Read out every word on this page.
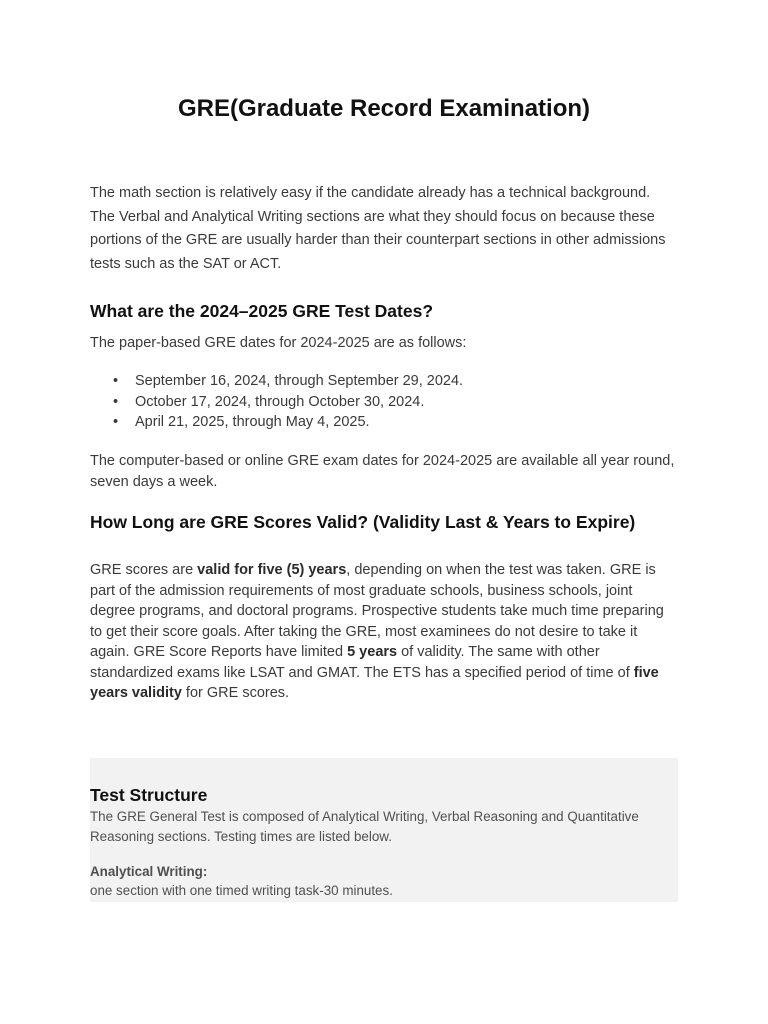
GRE(Graduate Record Examination)

The math section is relatively easy if the candidate already has a technical background. The Verbal and Analytical Writing sections are what they should focus on because these portions of the GRE are usually harder than their counterpart sections in other admissions tests such as the SAT or ACT.

What are the 2024–2025 GRE Test Dates?

The paper-based GRE dates for 2024-2025 are as follows:

• September 16, 2024, through September 29, 2024.
• October 17, 2024, through October 30, 2024.
• April 21, 2025, through May 4, 2025.

The computer-based or online GRE exam dates for 2024-2025 are available all year round, seven days a week.

How Long are GRE Scores Valid? (Validity Last & Years to Expire)

GRE scores are valid for five (5) years, depending on when the test was taken. GRE is part of the admission requirements of most graduate schools, business schools, joint degree programs, and doctoral programs. Prospective students take much time preparing to get their score goals. After taking the GRE, most examinees do not desire to take it again. GRE Score Reports have limited 5 years of validity. The same with other standardized exams like LSAT and GMAT. The ETS has a specified period of time of five years validity for GRE scores.

Test Structure

The GRE General Test is composed of Analytical Writing, Verbal Reasoning and Quantitative Reasoning sections. Testing times are listed below.

Analytical Writing:

one section with one timed writing task-30 minutes.
